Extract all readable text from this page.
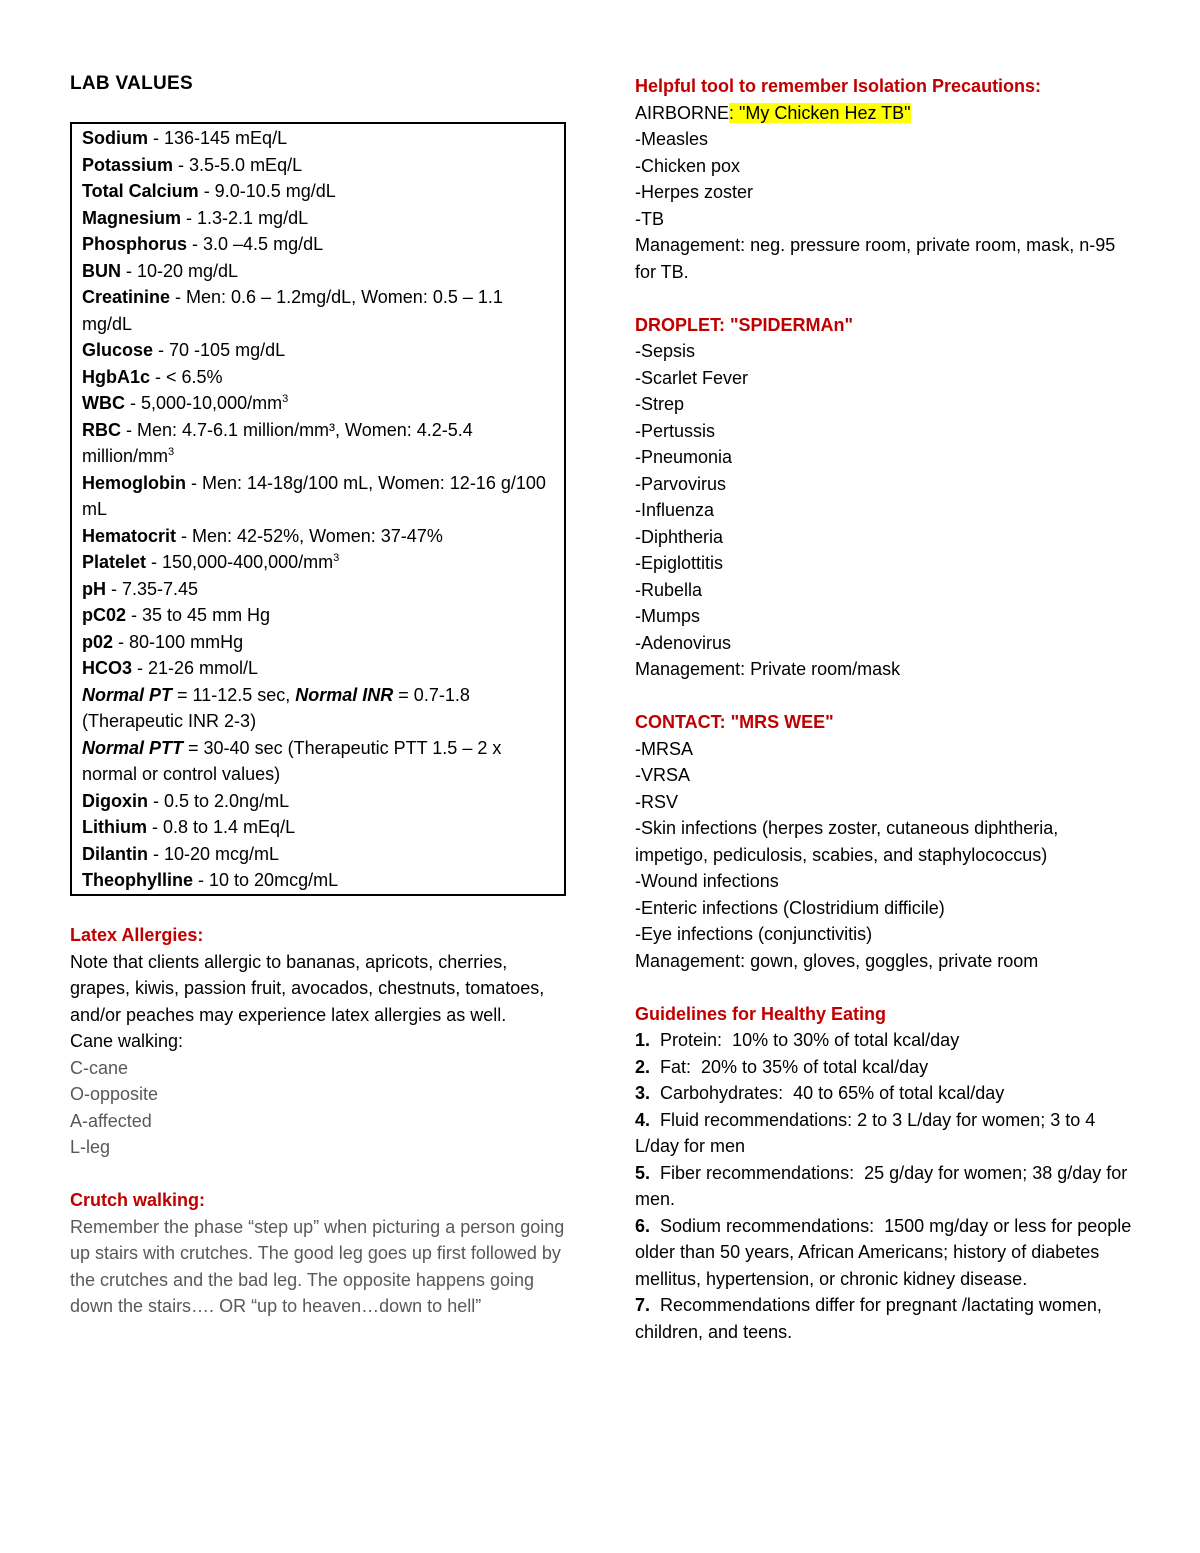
LAB VALUES
Sodium - 136-145 mEq/L
Potassium - 3.5-5.0 mEq/L
Total Calcium - 9.0-10.5 mg/dL
Magnesium - 1.3-2.1 mg/dL
Phosphorus - 3.0 –4.5 mg/dL
BUN - 10-20 mg/dL
Creatinine - Men: 0.6 – 1.2mg/dL, Women: 0.5 – 1.1 mg/dL
Glucose - 70 -105 mg/dL
HgbA1c - < 6.5%
WBC - $5,000-10,000/mm^3$
RBC - Men: 4.7-6.1 million/mm³, Women: 4.2-5.4 million/$mm^3$
Hemoglobin - Men: 14-18g/100 mL, Women: 12-16 g/100 mL
Hematocrit - Men: 42-52%, Women: 37-47%
Platelet - $150,000-400,000/mm^3$
pH - 7.35-7.45
pC02 - 35 to 45 mm Hg
p02 - 80-100 mmHg
HCO3 - 21-26 mmol/L
Normal PT = 11-12.5 sec, Normal INR = 0.7-1.8 (Therapeutic INR 2-3)
Normal PTT = 30-40 sec (Therapeutic PTT 1.5 – 2 x normal or control values)
Digoxin - 0.5 to 2.0ng/mL
Lithium - 0.8 to 1.4 mEq/L
Dilantin - 10-20 mcg/mL
Theophylline - 10 to 20mcg/mL
Latex Allergies:
Note that clients allergic to bananas, apricots, cherries, grapes, kiwis, passion fruit, avocados, chestnuts, tomatoes, and/or peaches may experience latex allergies as well.
Cane walking:
C-cane
O-opposite
A-affected
L-leg
Crutch walking:
Remember the phase “step up” when picturing a person going up stairs with crutches. The good leg goes up first followed by the crutches and the bad leg. The opposite happens going down the stairs…. OR “up to heaven…down to hell”
Helpful tool to remember Isolation Precautions:
AIRBORNE: "My Chicken Hez TB"
-Measles
-Chicken pox
-Herpes zoster
-TB
Management: neg. pressure room, private room, mask, n-95 for TB.
DROPLET: "SPIDERMAn"
-Sepsis
-Scarlet Fever
-Strep
-Pertussis
-Pneumonia
-Parvovirus
-Influenza
-Diphtheria
-Epiglottitis
-Rubella
-Mumps
-Adenovirus
Management: Private room/mask
CONTACT: "MRS WEE"
-MRSA
-VRSA
-RSV
-Skin infections (herpes zoster, cutaneous diphtheria, impetigo, pediculosis, scabies, and staphylococcus)
-Wound infections
-Enteric infections (Clostridium difficile)
-Eye infections (conjunctivitis)
Management: gown, gloves, goggles, private room
Guidelines for Healthy Eating
1.  Protein:  10% to 30% of total kcal/day
2.  Fat:  20% to 35% of total kcal/day
3.  Carbohydrates:  40 to 65% of total kcal/day
4.  Fluid recommendations: 2 to 3 L/day for women; 3 to 4 L/day for men
5.  Fiber recommendations:  25 g/day for women; 38 g/day for men.
6.  Sodium recommendations:  1500 mg/day or less for people older than 50 years, African Americans; history of diabetes mellitus, hypertension, or chronic kidney disease.
7.  Recommendations differ for pregnant /lactating women, children, and teens.
